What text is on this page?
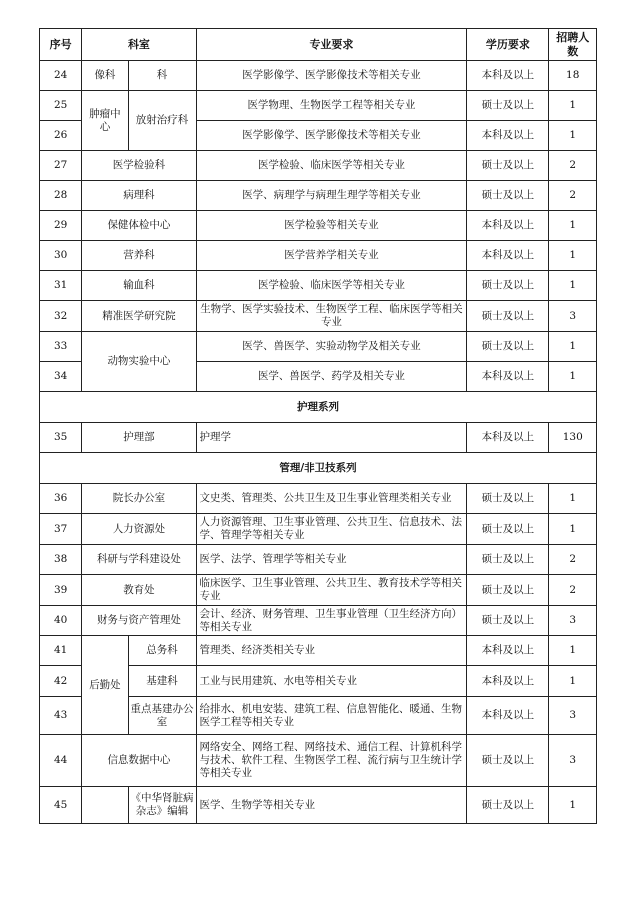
序号	科室		专业要求	学历要求	招聘人数
24	像科	科	医学影像学、医学影像技术等相关专业	本科及以上	18
25	肿瘤中心	放射治疗科	医学物理、生物医学工程等相关专业	硕士及以上	1
26			医学影像学、医学影像技术等相关专业	本科及以上	1
27	医学检验科		医学检验、临床医学等相关专业	硕士及以上	2
28	病理科		医学、病理学与病理生理学等相关专业	硕士及以上	2
29	保健体检中心		医学检验等相关专业	本科及以上	1
30	营养科		医学营养学相关专业	本科及以上	1
31	输血科		医学检验、临床医学等相关专业	硕士及以上	1
32	精准医学研究院		生物学、医学实验技术、生物医学工程、临床医学等相关专业	硕士及以上	3
33	动物实验中心		医学、兽医学、实验动物学及相关专业	硕士及以上	1
34			医学、兽医学、药学及相关专业	本科及以上	1
护理系列					
35	护理部		护理学	本科及以上	130
管理/非卫技系列					
36	院长办公室		文史类、管理类、公共卫生及卫生事业管理类相关专业	硕士及以上	1
37	人力资源处		人力资源管理、卫生事业管理、公共卫生、信息技术、法学、管理学等相关专业	硕士及以上	1
38	科研与学科建设处		医学、法学、管理学等相关专业	硕士及以上	2
39	教育处		临床医学、卫生事业管理、公共卫生、教育技术学等相关专业	硕士及以上	2
40	财务与资产管理处		会计、经济、财务管理、卫生事业管理（卫生经济方向）等相关专业	硕士及以上	3
41	后勤处	总务科	管理类、经济类相关专业	本科及以上	1
42		基建科	工业与民用建筑、水电等相关专业	本科及以上	1
43		重点基建办公室	给排水、机电安装、建筑工程、信息智能化、暖通、生物医学工程等相关专业	本科及以上	3
44	信息数据中心		网络安全、网络工程、网络技术、通信工程、计算机科学与技术、软件工程、生物医学工程、流行病与卫生统计学等相关专业	硕士及以上	3
45		《中华肾脏病杂志》编辑	医学、生物学等相关专业	硕士及以上	1
